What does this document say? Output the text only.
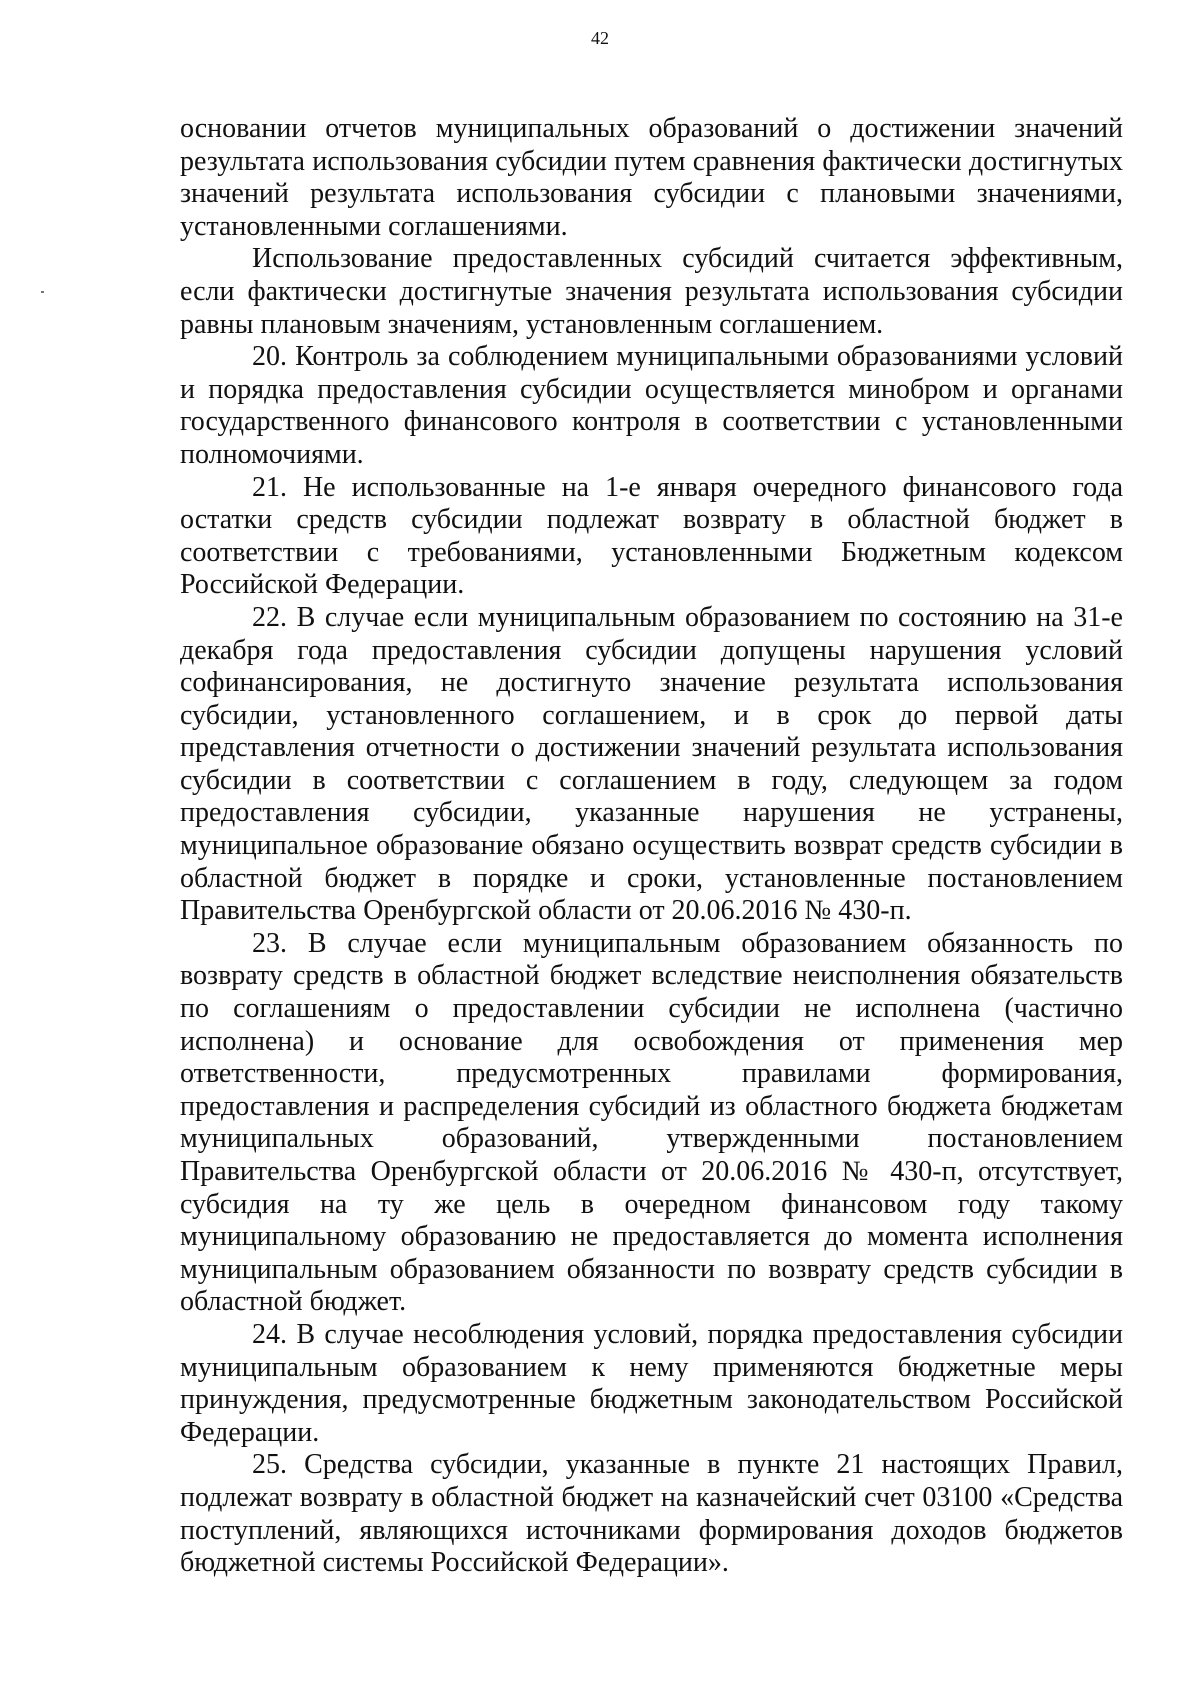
42

основании отчетов муниципальных образований о достижении значений результата использования субсидии путем сравнения фактически достигнутых значений результата использования субсидии с плановыми значениями, установленными соглашениями.

Использование предоставленных субсидий считается эффективным, если фактически достигнутые значения результата использования субсидии равны плановым значениям, установленным соглашением.

20. Контроль за соблюдением муниципальными образованиями условий и порядка предоставления субсидии осуществляется минобром и органами государственного финансового контроля в соответствии с установленными полномочиями.

21. Не использованные на 1-е января очередного финансового года остатки средств субсидии подлежат возврату в областной бюджет в соответствии с требованиями, установленными Бюджетным кодексом Российской Федерации.

22. В случае если муниципальным образованием по состоянию на 31-е декабря года предоставления субсидии допущены нарушения условий софинансирования, не достигнуто значение результата использования субсидии, установленного соглашением, и в срок до первой даты представления отчетности о достижении значений результата использования субсидии в соответствии с соглашением в году, следующем за годом предоставления субсидии, указанные нарушения не устранены, муниципальное образование обязано осуществить возврат средств субсидии в областной бюджет в порядке и сроки, установленные постановлением Правительства Оренбургской области от 20.06.2016 № 430-п.

23. В случае если муниципальным образованием обязанность по возврату средств в областной бюджет вследствие неисполнения обязательств по соглашениям о предоставлении субсидии не исполнена (частично исполнена) и основание для освобождения от применения мер ответственности, предусмотренных правилами формирования, предоставления и распределения субсидий из областного бюджета бюджетам муниципальных образований, утвержденными постановлением Правительства Оренбургской области от 20.06.2016 № 430-п, отсутствует, субсидия на ту же цель в очередном финансовом году такому муниципальному образованию не предоставляется до момента исполнения муниципальным образованием обязанности по возврату средств субсидии в областной бюджет.

24. В случае несоблюдения условий, порядка предоставления субсидии муниципальным образованием к нему применяются бюджетные меры принуждения, предусмотренные бюджетным законодательством Российской Федерации.

25. Средства субсидии, указанные в пункте 21 настоящих Правил, подлежат возврату в областной бюджет на казначейский счет 03100 «Средства поступлений, являющихся источниками формирования доходов бюджетов бюджетной системы Российской Федерации».
